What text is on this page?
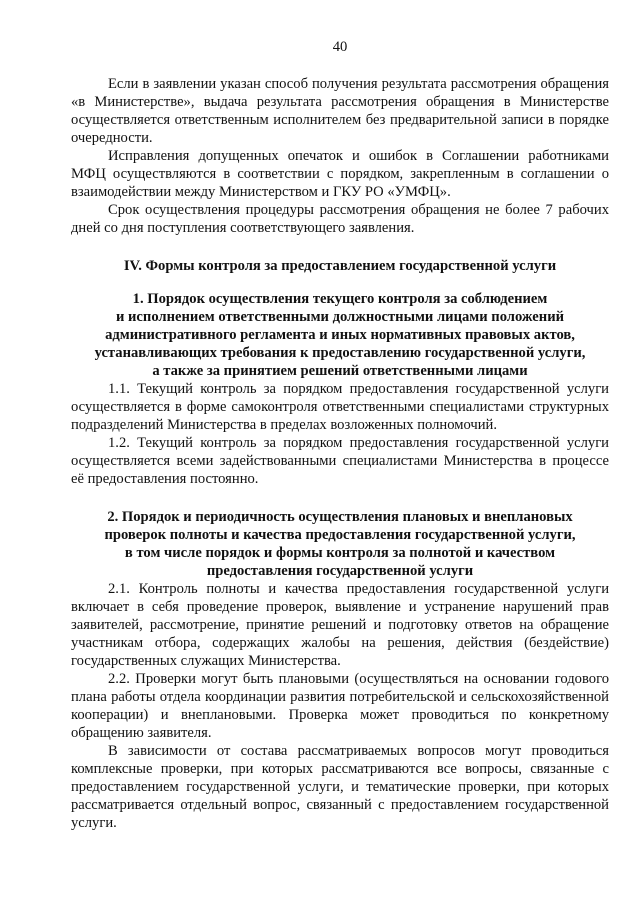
40

Если в заявлении указан способ получения результата рассмотрения обращения «в Министерстве», выдача результата рассмотрения обращения в Министерстве осуществляется ответственным исполнителем без предварительной записи в порядке очередности.

Исправления допущенных опечаток и ошибок в Соглашении работниками МФЦ осуществляются в соответствии с порядком, закрепленным в соглашении о взаимодействии между Министерством и ГКУ РО «УМФЦ».

Срок осуществления процедуры рассмотрения обращения не более 7 рабочих дней со дня поступления соответствующего заявления.

IV. Формы контроля за предоставлением государственной услуги
1. Порядок осуществления текущего контроля за соблюдением
и исполнением ответственными должностными лицами положений
административного регламента и иных нормативных правовых актов,
устанавливающих требования к предоставлению государственной услуги,
а также за принятием решений ответственными лицами

1.1. Текущий контроль за порядком предоставления государственной услуги осуществляется в форме самоконтроля ответственными специалистами структурных подразделений Министерства в пределах возложенных полномочий.

1.2. Текущий контроль за порядком предоставления государственной услуги осуществляется всеми задействованными специалистами Министерства в процессе её предоставления постоянно.

2. Порядок и периодичность осуществления плановых и внеплановых
проверок полноты и качества предоставления государственной услуги,
в том числе порядок и формы контроля за полнотой и качеством
предоставления государственной услуги

2.1. Контроль полноты и качества предоставления государственной услуги включает в себя проведение проверок, выявление и устранение нарушений прав заявителей, рассмотрение, принятие решений и подготовку ответов на обращение участникам отбора, содержащих жалобы на решения, действия (бездействие) государственных служащих Министерства.

2.2. Проверки могут быть плановыми (осуществляться на основании годового плана работы отдела координации развития потребительской и сельскохозяйственной кооперации) и внеплановыми. Проверка может проводиться по конкретному обращению заявителя.

В зависимости от состава рассматриваемых вопросов могут проводиться комплексные проверки, при которых рассматриваются все вопросы, связанные с предоставлением государственной услуги, и тематические проверки, при которых рассматривается отдельный вопрос, связанный с предоставлением государственной услуги.
